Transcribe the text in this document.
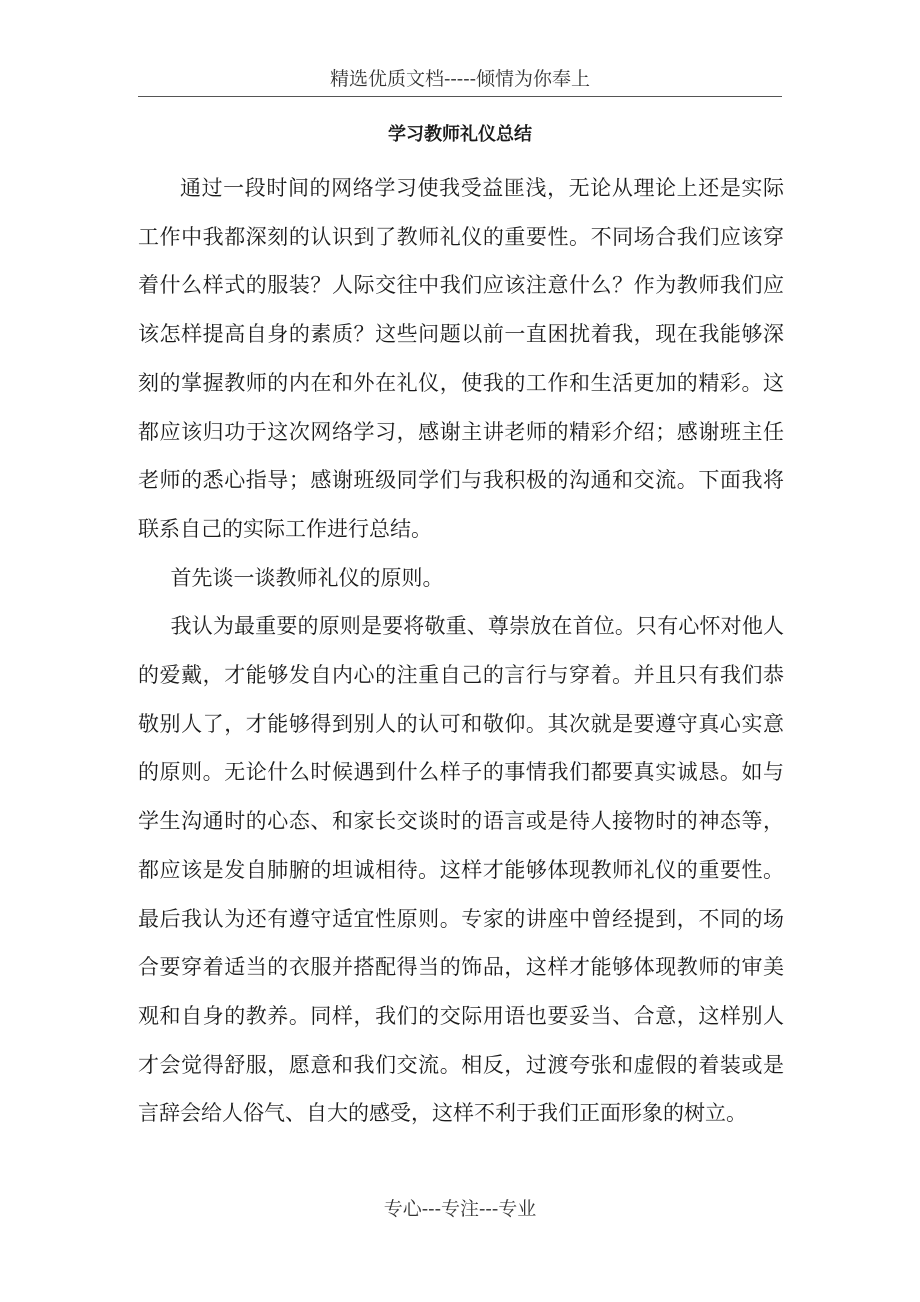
精选优质文档-----倾情为你奉上
学习教师礼仪总结

通过一段时间的网络学习使我受益匪浅，无论从理论上还是实际工作中我都深刻的认识到了教师礼仪的重要性。不同场合我们应该穿着什么样式的服装？人际交往中我们应该注意什么？作为教师我们应该怎样提高自身的素质？这些问题以前一直困扰着我，现在我能够深刻的掌握教师的内在和外在礼仪，使我的工作和生活更加的精彩。这都应该归功于这次网络学习，感谢主讲老师的精彩介绍；感谢班主任老师的悉心指导；感谢班级同学们与我积极的沟通和交流。下面我将联系自己的实际工作进行总结。

首先谈一谈教师礼仪的原则。

我认为最重要的原则是要将敬重、尊崇放在首位。只有心怀对他人的爱戴，才能够发自内心的注重自己的言行与穿着。并且只有我们恭敬别人了，才能够得到别人的认可和敬仰。其次就是要遵守真心实意的原则。无论什么时候遇到什么样子的事情我们都要真实诚恳。如与学生沟通时的心态、和家长交谈时的语言或是待人接物时的神态等，都应该是发自肺腑的坦诚相待。这样才能够体现教师礼仪的重要性。最后我认为还有遵守适宜性原则。专家的讲座中曾经提到，不同的场合要穿着适当的衣服并搭配得当的饰品，这样才能够体现教师的审美观和自身的教养。同样，我们的交际用语也要妥当、合意，这样别人才会觉得舒服，愿意和我们交流。相反，过渡夸张和虚假的着装或是言辞会给人俗气、自大的感受，这样不利于我们正面形象的树立。

专心---专注---专业
